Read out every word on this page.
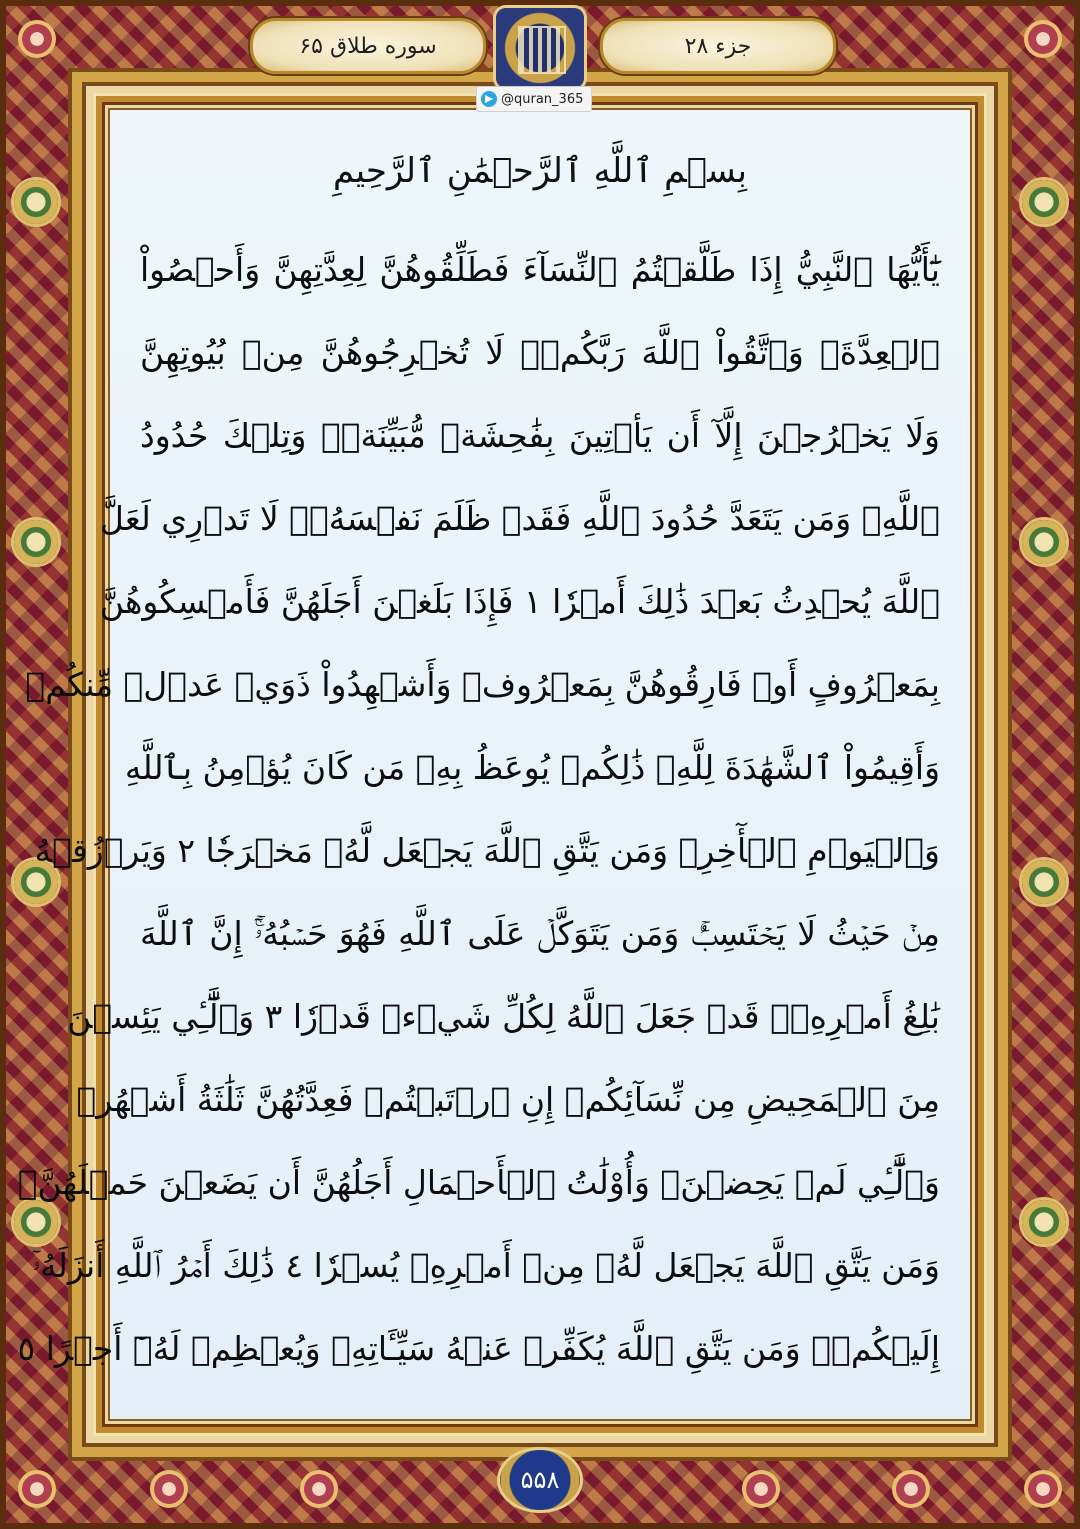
سوره طلاق ۶۵	جزء ۲۸
@quran_365
بِسۡمِ ٱللَّهِ ٱلرَّحۡمَٰنِ ٱلرَّحِيمِ
يَٰٓأَيُّهَا ٱلنَّبِيُّ إِذَا طَلَّقۡتُمُ ٱلنِّسَآءَ فَطَلِّقُوهُنَّ لِعِدَّتِهِنَّ وَأَحۡصُواْ
ٱلۡعِدَّةَۖ وَٱتَّقُواْ ٱللَّهَ رَبَّكُمۡۖ لَا تُخۡرِجُوهُنَّ مِنۢ بُيُوتِهِنَّ
وَلَا يَخۡرُجۡنَ إِلَّآ أَن يَأۡتِينَ بِفَٰحِشَةٖ مُّبَيِّنَةٖۚ وَتِلۡكَ حُدُودُ
ٱللَّهِۚ وَمَن يَتَعَدَّ حُدُودَ ٱللَّهِ فَقَدۡ ظَلَمَ نَفۡسَهُۥۚ لَا تَدۡرِي لَعَلَّ
ٱللَّهَ يُحۡدِثُ بَعۡدَ ذَٰلِكَ أَمۡرٗا ١ فَإِذَا بَلَغۡنَ أَجَلَهُنَّ فَأَمۡسِكُوهُنَّ
بِمَعۡرُوفٍ أَوۡ فَارِقُوهُنَّ بِمَعۡرُوفٖ وَأَشۡهِدُواْ ذَوَيۡ عَدۡلٖ مِّنكُمۡ
وَأَقِيمُواْ ٱلشَّهَٰدَةَ لِلَّهِۚ ذَٰلِكُمۡ يُوعَظُ بِهِۦ مَن كَانَ يُؤۡمِنُ بِٱللَّهِ
وَٱلۡيَوۡمِ ٱلۡأٓخِرِۚ وَمَن يَتَّقِ ٱللَّهَ يَجۡعَل لَّهُۥ مَخۡرَجٗا ٢ وَيَرۡزُقۡهُ
مِنۡ حَيۡثُ لَا يَحۡتَسِبُۚ وَمَن يَتَوَكَّلۡ عَلَى ٱللَّهِ فَهُوَ حَسۡبُهُۥٓۚ إِنَّ ٱللَّهَ
بَٰلِغُ أَمۡرِهِۦۚ قَدۡ جَعَلَ ٱللَّهُ لِكُلِّ شَيۡءٖ قَدۡرٗا ٣ وَٱلَّٰٓـِٔي يَئِسۡنَ
مِنَ ٱلۡمَحِيضِ مِن نِّسَآئِكُمۡ إِنِ ٱرۡتَبۡتُمۡ فَعِدَّتُهُنَّ ثَلَٰثَةُ أَشۡهُرٖ
وَٱلَّٰٓـِٔي لَمۡ يَحِضۡنَۚ وَأُوْلَٰتُ ٱلۡأَحۡمَالِ أَجَلُهُنَّ أَن يَضَعۡنَ حَمۡلَهُنَّۚ
وَمَن يَتَّقِ ٱللَّهَ يَجۡعَل لَّهُۥ مِنۡ أَمۡرِهِۦ يُسۡرٗا ٤ ذَٰلِكَ أَمۡرُ ٱللَّهِ أَنزَلَهُۥٓ
إِلَيۡكُمۡۚ وَمَن يَتَّقِ ٱللَّهَ يُكَفِّرۡ عَنۡهُ سَيِّـَٔاتِهِۦ وَيُعۡظِمۡ لَهُۥٓ أَجۡرًا ٥
۵۵۸
